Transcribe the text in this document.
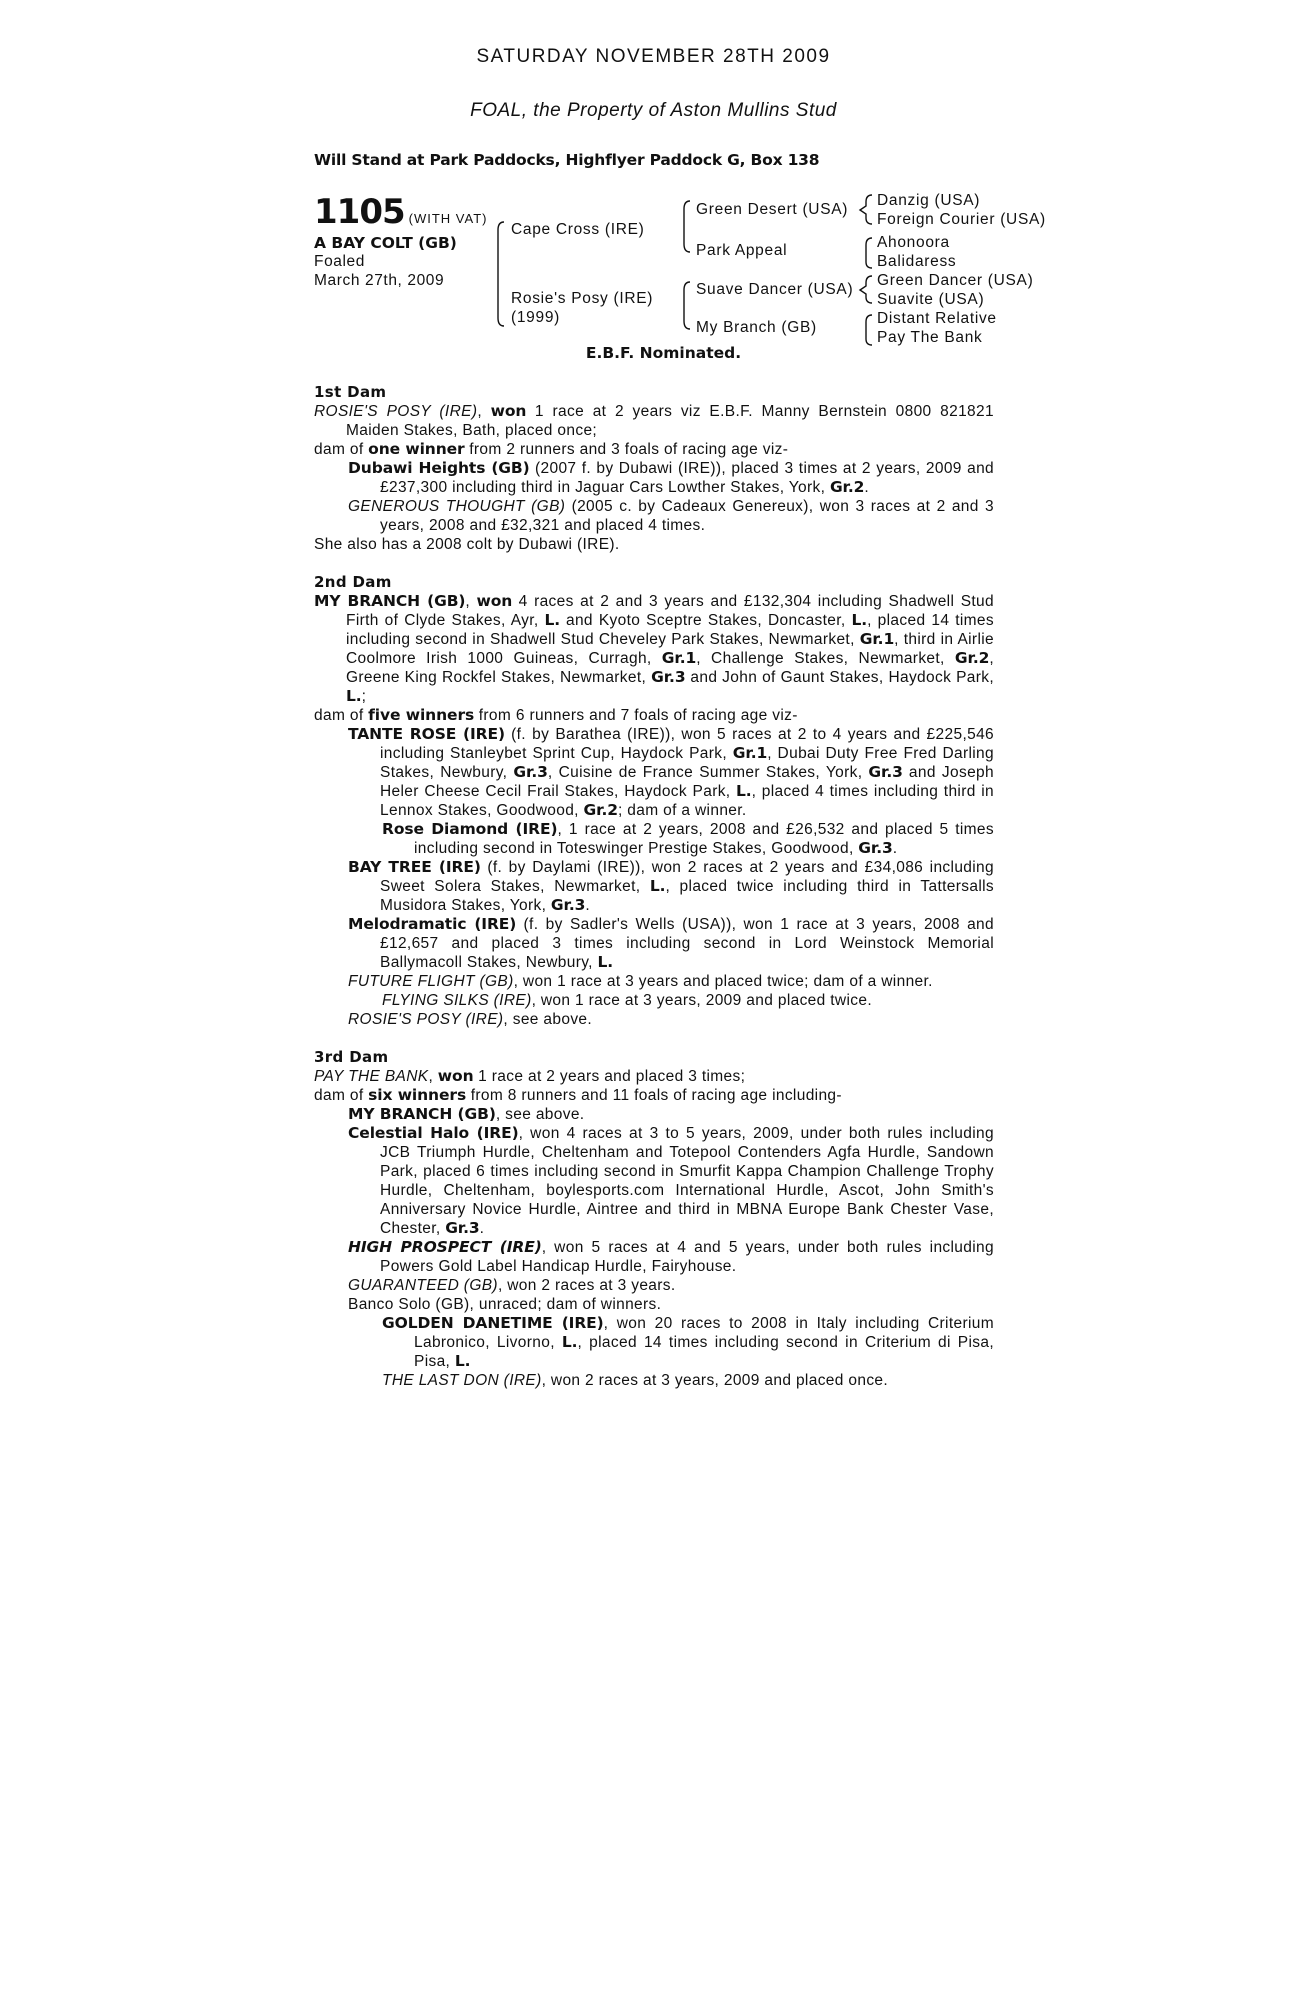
SATURDAY NOVEMBER 28TH 2009
FOAL, the Property of Aston Mullins Stud
Will Stand at Park Paddocks, Highflyer Paddock G, Box 138
1105 (WITH VAT)
A BAY COLT (GB)
Foaled
March 27th, 2009
Cape Cross (IRE)
Rosie's Posy (IRE)
(1999)
Green Desert (USA)
Park Appeal
Suave Dancer (USA)
My Branch (GB)
Danzig (USA)
Foreign Courier (USA)
Ahonoora
Balidaress
Green Dancer (USA)
Suavite (USA)
Distant Relative
Pay The Bank
E.B.F. Nominated.
1st Dam
ROSIE'S POSY (IRE), won 1 race at 2 years viz E.B.F. Manny Bernstein 0800 821821 Maiden Stakes, Bath, placed once;
dam of one winner from 2 runners and 3 foals of racing age viz-
Dubawi Heights (GB) (2007 f. by Dubawi (IRE)), placed 3 times at 2 years, 2009 and £237,300 including third in Jaguar Cars Lowther Stakes, York, Gr.2.
GENEROUS THOUGHT (GB) (2005 c. by Cadeaux Genereux), won 3 races at 2 and 3 years, 2008 and £32,321 and placed 4 times.
She also has a 2008 colt by Dubawi (IRE).
2nd Dam
MY BRANCH (GB), won 4 races at 2 and 3 years and £132,304 including Shadwell Stud Firth of Clyde Stakes, Ayr, L. and Kyoto Sceptre Stakes, Doncaster, L., placed 14 times including second in Shadwell Stud Cheveley Park Stakes, Newmarket, Gr.1, third in Airlie Coolmore Irish 1000 Guineas, Curragh, Gr.1, Challenge Stakes, Newmarket, Gr.2, Greene King Rockfel Stakes, Newmarket, Gr.3 and John of Gaunt Stakes, Haydock Park, L.;
dam of five winners from 6 runners and 7 foals of racing age viz-
TANTE ROSE (IRE) (f. by Barathea (IRE)), won 5 races at 2 to 4 years and £225,546 including Stanleybet Sprint Cup, Haydock Park, Gr.1, Dubai Duty Free Fred Darling Stakes, Newbury, Gr.3, Cuisine de France Summer Stakes, York, Gr.3 and Joseph Heler Cheese Cecil Frail Stakes, Haydock Park, L., placed 4 times including third in Lennox Stakes, Goodwood, Gr.2; dam of a winner.
Rose Diamond (IRE), 1 race at 2 years, 2008 and £26,532 and placed 5 times including second in Toteswinger Prestige Stakes, Goodwood, Gr.3.
BAY TREE (IRE) (f. by Daylami (IRE)), won 2 races at 2 years and £34,086 including Sweet Solera Stakes, Newmarket, L., placed twice including third in Tattersalls Musidora Stakes, York, Gr.3.
Melodramatic (IRE) (f. by Sadler's Wells (USA)), won 1 race at 3 years, 2008 and £12,657 and placed 3 times including second in Lord Weinstock Memorial Ballymacoll Stakes, Newbury, L.
FUTURE FLIGHT (GB), won 1 race at 3 years and placed twice; dam of a winner.
FLYING SILKS (IRE), won 1 race at 3 years, 2009 and placed twice.
ROSIE'S POSY (IRE), see above.
3rd Dam
PAY THE BANK, won 1 race at 2 years and placed 3 times;
dam of six winners from 8 runners and 11 foals of racing age including-
MY BRANCH (GB), see above.
Celestial Halo (IRE), won 4 races at 3 to 5 years, 2009, under both rules including JCB Triumph Hurdle, Cheltenham and Totepool Contenders Agfa Hurdle, Sandown Park, placed 6 times including second in Smurfit Kappa Champion Challenge Trophy Hurdle, Cheltenham, boylesports.com International Hurdle, Ascot, John Smith's Anniversary Novice Hurdle, Aintree and third in MBNA Europe Bank Chester Vase, Chester, Gr.3.
HIGH PROSPECT (IRE), won 5 races at 4 and 5 years, under both rules including Powers Gold Label Handicap Hurdle, Fairyhouse.
GUARANTEED (GB), won 2 races at 3 years.
Banco Solo (GB), unraced; dam of winners.
GOLDEN DANETIME (IRE), won 20 races to 2008 in Italy including Criterium Labronico, Livorno, L., placed 14 times including second in Criterium di Pisa, Pisa, L.
THE LAST DON (IRE), won 2 races at 3 years, 2009 and placed once.
